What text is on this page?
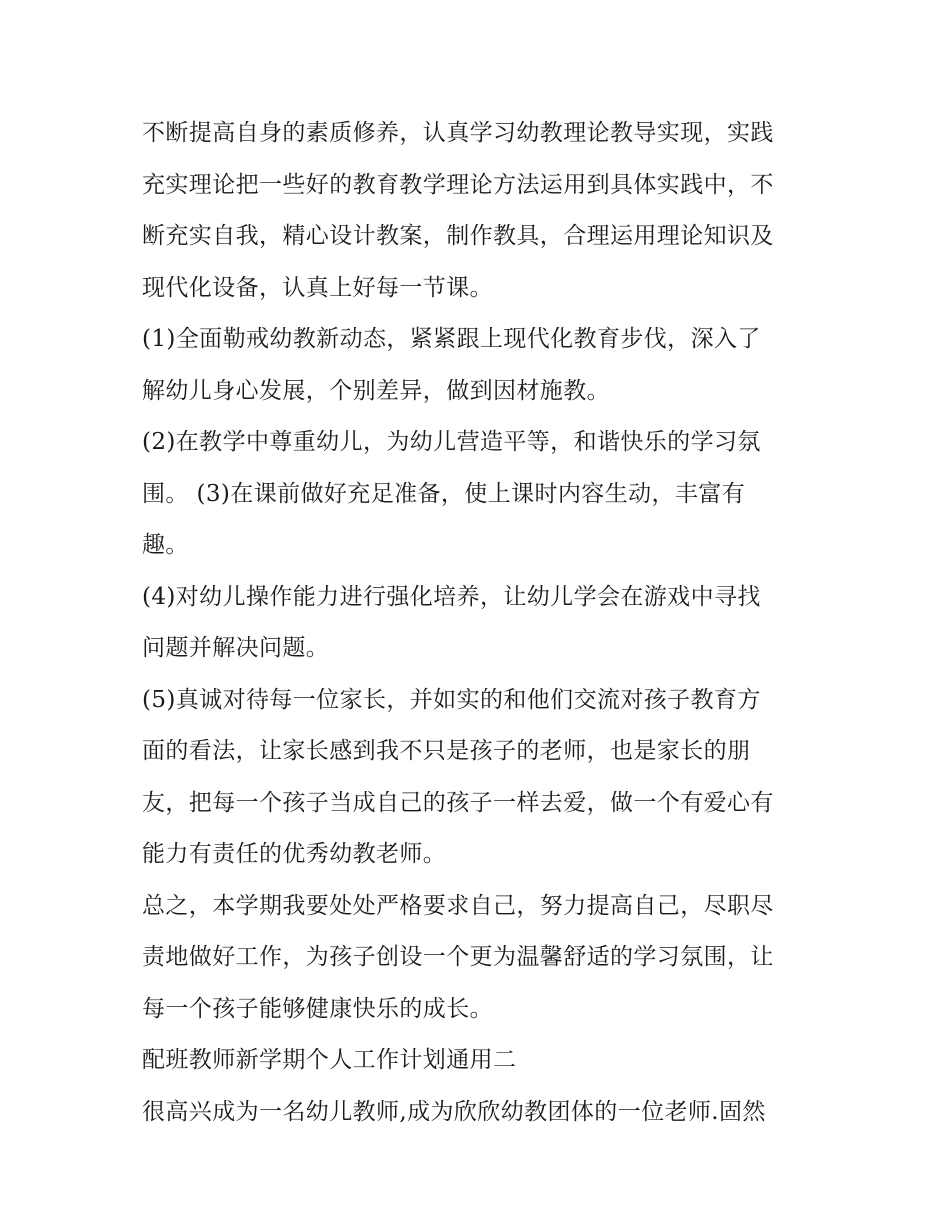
不断提高自身的素质修养，认真学习幼教理论教导实现，实践
充实理论把一些好的教育教学理论方法运用到具体实践中，不
断充实自我，精心设计教案，制作教具，合理运用理论知识及
现代化设备，认真上好每一节课。
(1)全面勒戒幼教新动态，紧紧跟上现代化教育步伐，深入了
解幼儿身心发展，个别差异，做到因材施教。
(2)在教学中尊重幼儿，为幼儿营造平等，和谐快乐的学习氛
围。 (3)在课前做好充足准备，使上课时内容生动，丰富有
趣。
(4)对幼儿操作能力进行强化培养，让幼儿学会在游戏中寻找
问题并解决问题。
(5)真诚对待每一位家长，并如实的和他们交流对孩子教育方
面的看法，让家长感到我不只是孩子的老师，也是家长的朋
友，把每一个孩子当成自己的孩子一样去爱，做一个有爱心有
能力有责任的优秀幼教老师。
总之，本学期我要处处严格要求自己，努力提高自己，尽职尽
责地做好工作，为孩子创设一个更为温馨舒适的学习氛围，让
每一个孩子能够健康快乐的成长。
配班教师新学期个人工作计划通用二
很高兴成为一名幼儿教师,成为欣欣幼教团体的一位老师.固然
